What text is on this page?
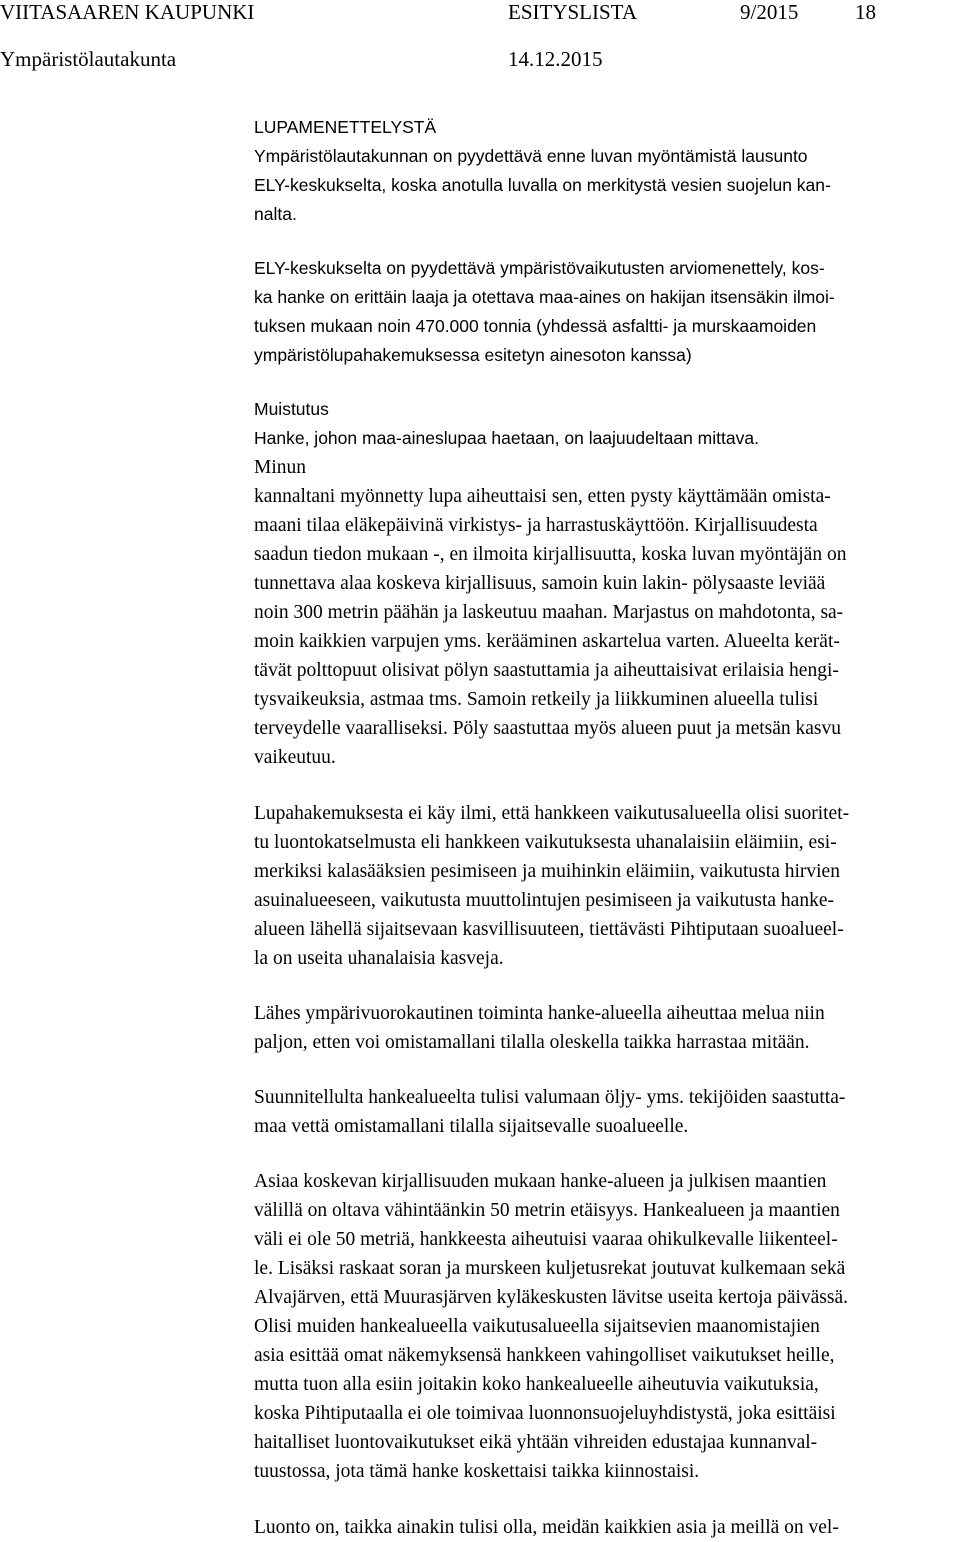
VIITASAAREN KAUPUNKI	ESITYSLISTA	9/2015	18
Ympäristölautakunta	14.12.2015
LUPAMENETTELYSTÄ
Ympäristölautakunnan on pyydettävä enne luvan myöntämistä lausunto
ELY-keskukselta, koska anotulla luvalla on merkitystä vesien suojelun kan-
nalta.
ELY-keskukselta on pyydettävä ympäristövaikutusten arviomenettely, kos-
ka hanke on erittäin laaja ja otettava maa-aines on hakijan itsensäkin ilmoi-
tuksen mukaan noin 470.000 tonnia (yhdessä asfaltti- ja murskaamoiden
ympäristölupahakemuksessa esitetyn ainesoton kanssa)
Muistutus
Hanke, johon maa-aineslupaa haetaan, on laajuudeltaan mittava.
Minun
kannaltani myönnetty lupa aiheuttaisi sen, etten pysty käyttämään omista-
maani tilaa eläkepäivinä virkistys- ja harrastuskäyttöön. Kirjallisuudesta
saadun tiedon mukaan -, en ilmoita kirjallisuutta, koska luvan myöntäjän on
tunnettava alaa koskeva kirjallisuus, samoin kuin lakin- pölysaaste leviää
noin 300 metrin päähän ja laskeutuu maahan. Marjastus on mahdotonta, sa-
moin kaikkien varpujen yms. kerääminen askartelua varten. Alueelta kerät-
tävät polttopuut olisivat pölyn saastuttamia ja aiheuttaisivat erilaisia hengi-
tysvaikeuksia, astmaa tms. Samoin retkeily ja liikkuminen alueella tulisi
terveydelle vaaralliseksi. Pöly saastuttaa myös alueen puut ja metsän kasvu
vaikeutuu.
Lupahakemuksesta ei käy ilmi, että hankkeen vaikutusalueella olisi suoritet-
tu luontokatselmusta eli hankkeen vaikutuksesta uhanalaisiin eläimiin, esi-
merkiksi kalasääksien pesimiseen ja muihinkin eläimiin, vaikutusta hirvien
asuinalueeseen, vaikutusta muuttolintujen pesimiseen ja vaikutusta hanke-
alueen lähellä sijaitsevaan kasvillisuuteen, tiettävästi Pihtiputaan suoalueel-
la on useita uhanalaisia kasveja.
Lähes ympärivuorokautinen toiminta hanke-alueella aiheuttaa melua niin
paljon, etten voi omistamallani tilalla oleskella taikka harrastaa mitään.
Suunnitellulta hankealueelta tulisi valumaan öljy- yms. tekijöiden saastutta-
maa vettä omistamallani tilalla sijaitsevalle suoalueelle.
Asiaa koskevan kirjallisuuden mukaan hanke-alueen ja julkisen maantien
välillä on oltava vähintäänkin 50 metrin etäisyys. Hankealueen ja maantien
väli ei ole 50 metriä, hankkeesta aiheutuisi vaaraa ohikulkevalle liikenteel-
le. Lisäksi raskaat soran ja murskeen kuljetusrekat joutuvat kulkemaan sekä
Alvajärven, että Muurasjärven kyläkeskusten lävitse useita kertoja päivässä.
Olisi muiden hankealueella vaikutusalueella sijaitsevien maanomistajien
asia esittää omat näkemyksensä hankkeen vahingolliset vaikutukset heille,
mutta tuon alla esiin joitakin koko hankealueelle aiheutuvia vaikutuksia,
koska Pihtiputaalla ei ole toimivaa luonnonsuojeluyhdistystä, joka esittäisi
haitalliset luontovaikutukset eikä yhtään vihreiden edustajaa kunnanval-
tuustossa, jota tämä hanke koskettaisi taikka kiinnostaisi.
Luonto on, taikka ainakin tulisi olla, meidän kaikkien asia ja meillä on vel-
